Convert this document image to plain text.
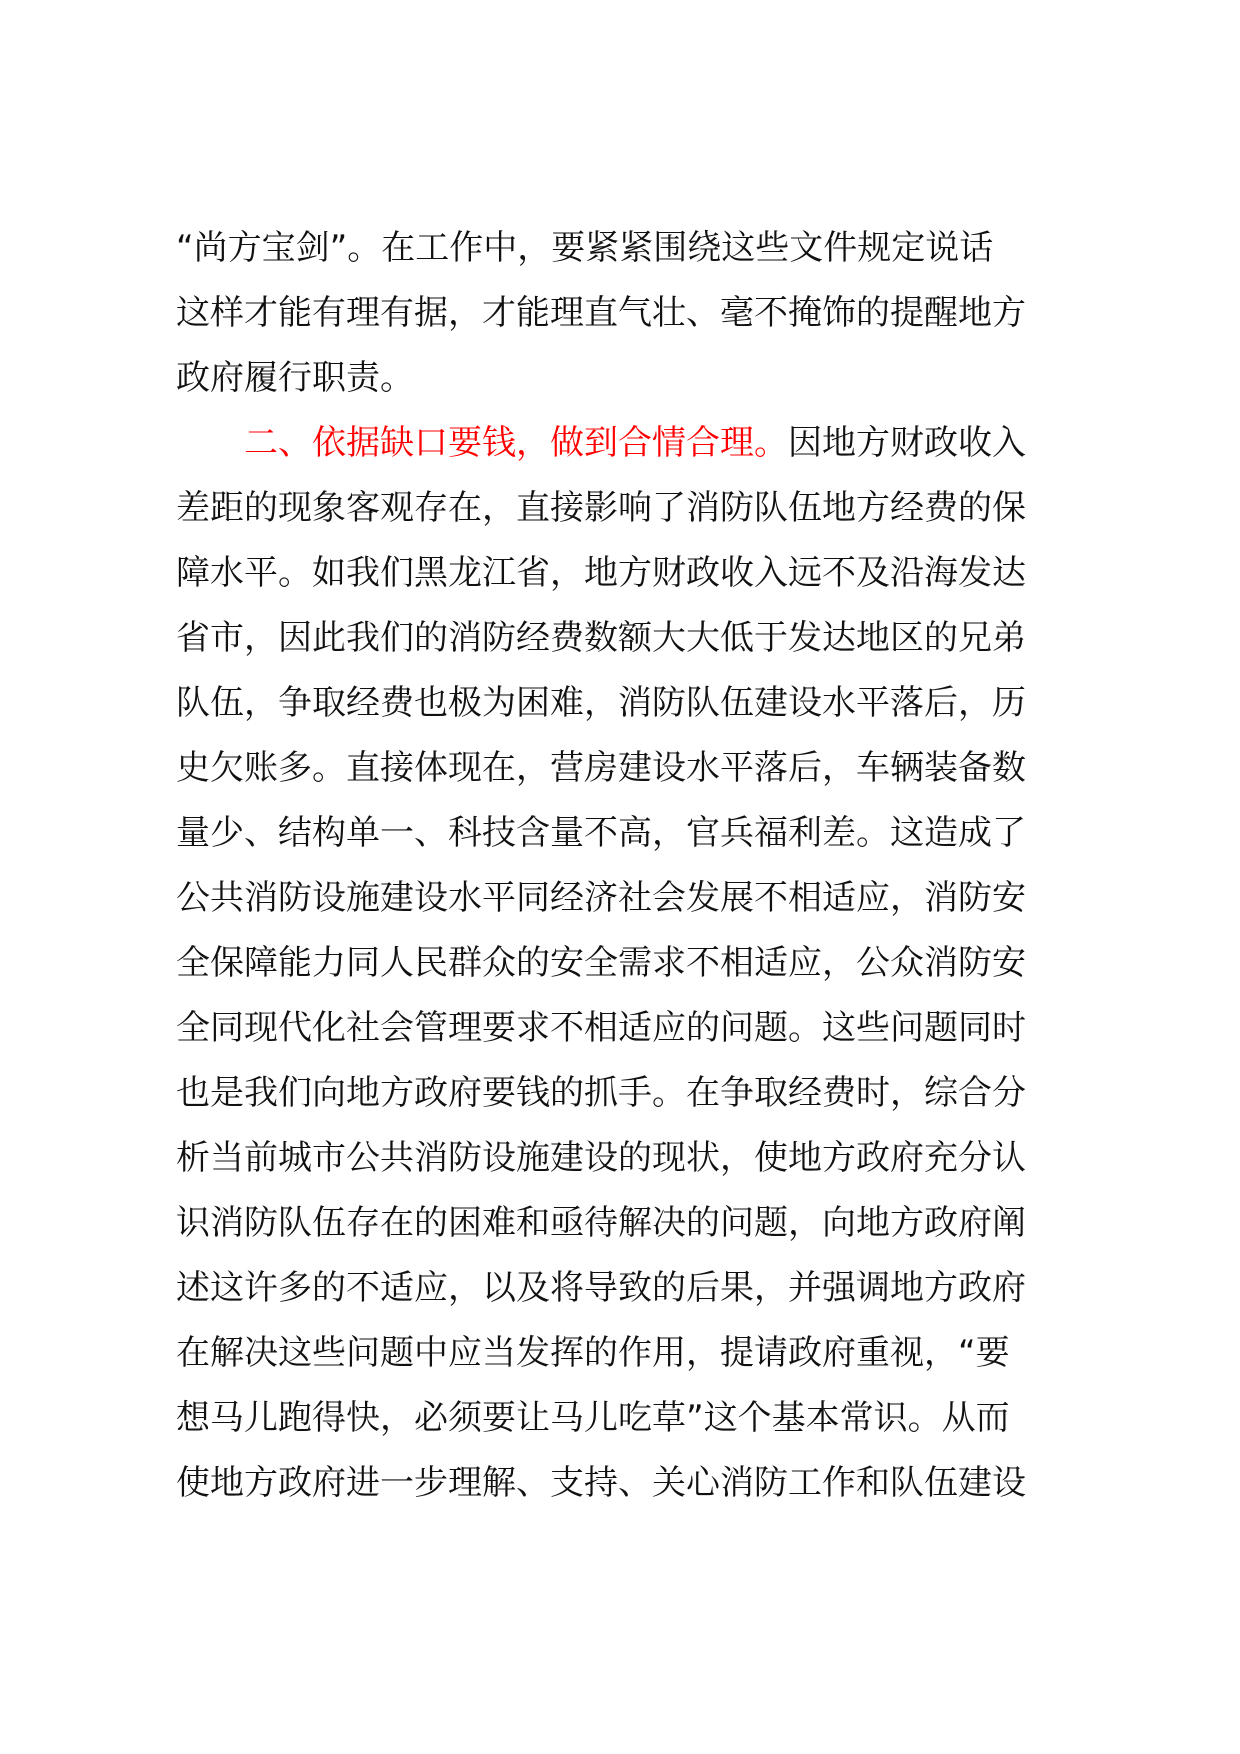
“尚方宝剑”。在工作中，要紧紧围绕这些文件规定说话
这样才能有理有据，才能理直气壮、毫不掩饰的提醒地方
政府履行职责。
二、依据缺口要钱，做到合情合理。因地方财政收入
差距的现象客观存在，直接影响了消防队伍地方经费的保
障水平。如我们黑龙江省，地方财政收入远不及沿海发达
省市，因此我们的消防经费数额大大低于发达地区的兄弟
队伍，争取经费也极为困难，消防队伍建设水平落后，历
史欠账多。直接体现在，营房建设水平落后，车辆装备数
量少、结构单一、科技含量不高，官兵福利差。这造成了
公共消防设施建设水平同经济社会发展不相适应，消防安
全保障能力同人民群众的安全需求不相适应，公众消防安
全同现代化社会管理要求不相适应的问题。这些问题同时
也是我们向地方政府要钱的抓手。在争取经费时，综合分
析当前城市公共消防设施建设的现状，使地方政府充分认
识消防队伍存在的困难和亟待解决的问题，向地方政府阐
述这许多的不适应，以及将导致的后果，并强调地方政府
在解决这些问题中应当发挥的作用，提请政府重视，“要
想马儿跑得快，必须要让马儿吃草”这个基本常识。从而
使地方政府进一步理解、支持、关心消防工作和队伍建设
